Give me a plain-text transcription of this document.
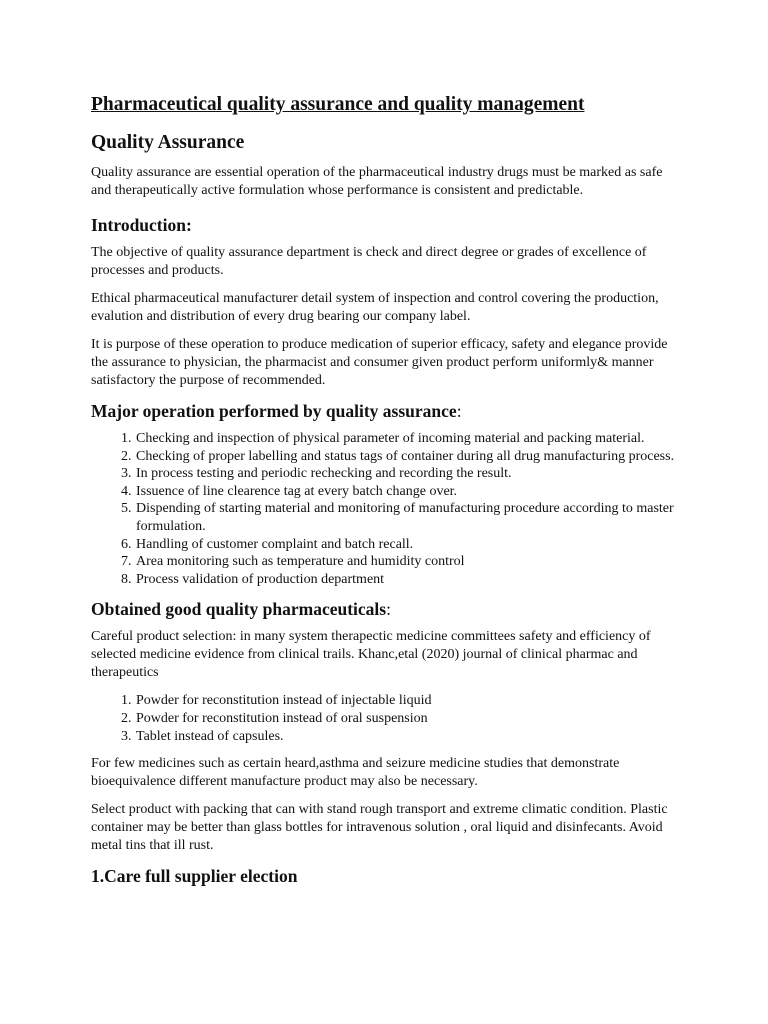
Pharmaceutical quality assurance and quality management
Quality Assurance

Quality assurance are essential operation of the pharmaceutical industry drugs must be marked as safe and therapeutically active formulation whose performance is consistent and predictable.

Introduction:

The objective of quality assurance department is check and direct degree or grades of excellence of processes and products.

Ethical pharmaceutical manufacturer detail system of inspection and control covering the production, evalution and distribution of every drug bearing our company label.

It is purpose of these operation to produce medication of superior efficacy, safety and elegance provide the assurance to physician, the pharmacist and consumer given product perform uniformly& manner satisfactory the purpose of recommended.

Major operation performed by quality assurance:
1. Checking and inspection of physical parameter of incoming material and packing material.
2. Checking of proper labelling and status tags of container during all drug manufacturing process.
3. In process testing and periodic rechecking and recording the result.
4. Issuence of line clearence tag at every batch change over.
5. Dispending of starting material and monitoring of manufacturing procedure according to master formulation.
6. Handling of customer complaint and batch recall.
7. Area monitoring such as temperature and humidity control
8. Process validation of production department
Obtained good quality pharmaceuticals:

Careful product selection: in many system therapectic medicine committees safety and efficiency of selected medicine evidence from clinical trails. Khanc,etal (2020) journal of clinical pharmac and therapeutics

1. Powder for reconstitution instead of injectable liquid
2. Powder for reconstitution instead of oral suspension
3. Tablet instead of capsules.

For few medicines such as certain heard,asthma and seizure medicine studies that demonstrate bioequivalence different manufacture product may also be necessary.

Select product with packing that can with stand rough transport and extreme climatic condition. Plastic container may be better than glass bottles for intravenous solution , oral liquid and disinfecants. Avoid metal tins that ill rust.

1.Care full supplier election
